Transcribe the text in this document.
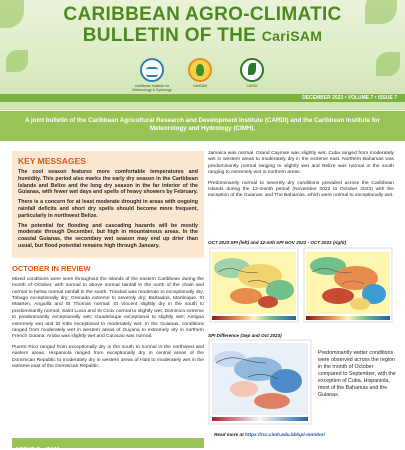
CARIBBEAN AGRO-CLIMATIC
BULLETIN OF THE CariSAM
Caribbean Institute for Meteorology & Hydrology
CariSAM	CARDI
DECEMBER 2023 • VOLUME 7 • ISSUE 7
A joint bulletin of the Caribbean Agricultural Research and Development Institute (CARDI) and the Caribbean Institute for Meteorology and Hydrology (CIMH).
KEY MESSAGES

The cool season features more comfortable temperatures and humidity. This period also marks the early dry season in the Caribbean Islands and Belize and the long dry season in the far interior of the Guianas, with fewer wet days and spells of heavy showers by February.

There is a concern for at least moderate drought in areas with ongoing rainfall deficits and short dry spells should become more frequent, particularly in northwest Belize.

The potential for flooding and cascading hazards will be mostly moderate through December, but high in mountainous areas. In the coastal Guianas, the secondary wet season may end up drier than usual, but flood potential remains high through January.

OCTOBER IN REVIEW

Mixed conditions were seen throughout the islands of the eastern Caribbean during the month of October, with normal to above normal rainfall in the north of the chain and normal to below normal rainfall in the south. Trinidad was moderate to exceptionally dry; Tobago exceptionally dry; Grenada extreme to severely dry; Barbados, Martinique, St Maarten, Anguilla and St Thomas normal; St Vincent slightly dry in the south to predominantly normal; Saint Lucia and St Croix normal to slightly wet; Dominica extreme to predominantly exceptionally wet; Guadeloupe exceptional to slightly wet; Antigua extremely wet and St Kitts exceptional to moderately wet. In the Guianas, conditions ranged from moderately wet in western areas of Guyana to extremely dry in northern French Guiana. Aruba was slightly wet and Curacao was normal.

Puerto Rico ranged from exceptionally dry in the south to normal in the northwest and eastern areas. Hispaniola ranged from exceptionally dry in central areas of the Dominican Republic to moderately dry in western areas of Haiti to moderately wet in the extreme east of the Dominican Republic.

ABOUT CariSAM

Jamaica was normal. Grand Cayman was slightly wet. Cuba ranged from moderately wet in western areas to moderately dry in the extreme east. Northern Bahamas was predominantly normal ranging to slightly wet and Belize was normal in the south ranging to extremely wet in northern areas.

Predominantly normal to severely dry conditions prevailed across the Caribbean Islands during the 12-month period (November 2022 to October 2023) with the exception of the Guianas, and The Bahamas, which were normal to exceptionally wet.

OCT 2023 SPI (left) and 12-mth SPI NOV 2022 - OCT 2023 (right)
SPI Difference (Sep and Oct 2023)
Predominantly wetter conditions were observed across the region in the month of October compared to September, with the exception of Cuba, Hispaniola, most of the Bahamas and the Guianas.
Read more at https://rcc.cimh.edu.bb/spi-monitor/
